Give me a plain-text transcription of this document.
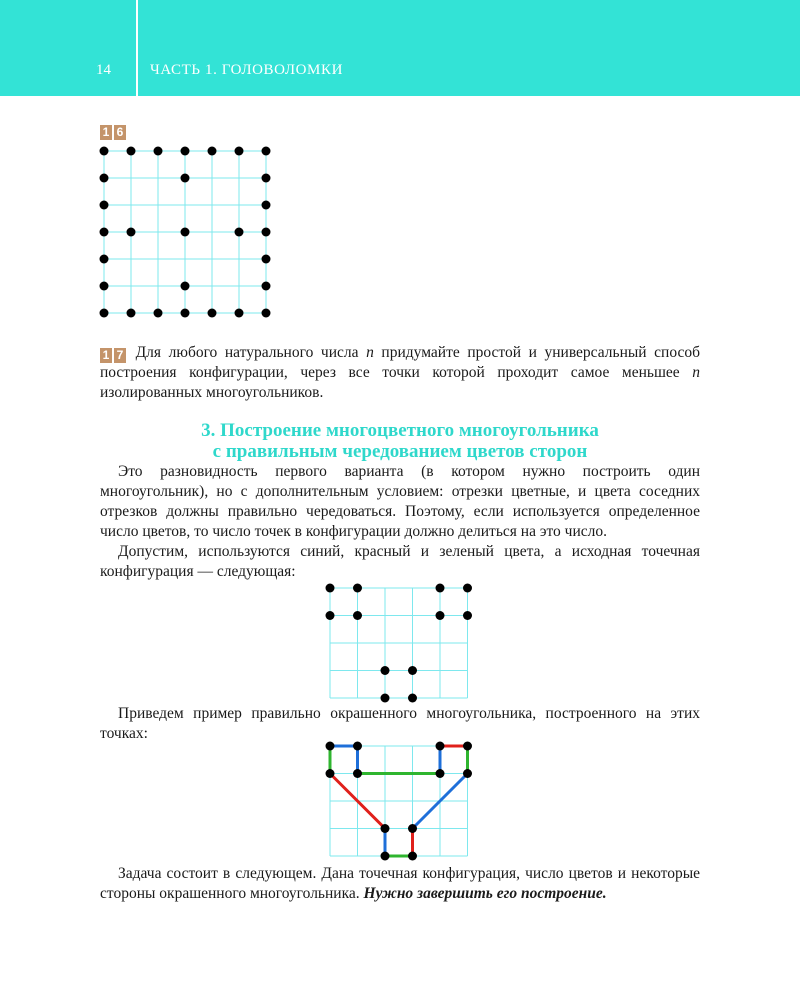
14	ЧАСТЬ 1. ГОЛОВОЛОМКИ
1 6

1 7 Для любого натурального числа n придумайте простой и универсальный способ построения конфигурации, через все точки которой проходит самое меньшее n изолированных многоугольников.

3. Построение многоцветного многоугольника
с правильным чередованием цветов сторон

Это разновидность первого варианта (в котором нужно построить один многоугольник), но с дополнительным условием: отрезки цветные, и цвета соседних отрезков должны правильно чередоваться. Поэтому, если используется определенное число цветов, то число точек в конфигурации должно делиться на это число.

Допустим, используются синий, красный и зеленый цвета, а исходная точечная конфигурация — следующая:

Приведем пример правильно окрашенного многоугольника, построенного на этих точках:

Задача состоит в следующем. Дана точечная конфигурация, число цветов и некоторые стороны окрашенного многоугольника. Нужно завершить его построение.
